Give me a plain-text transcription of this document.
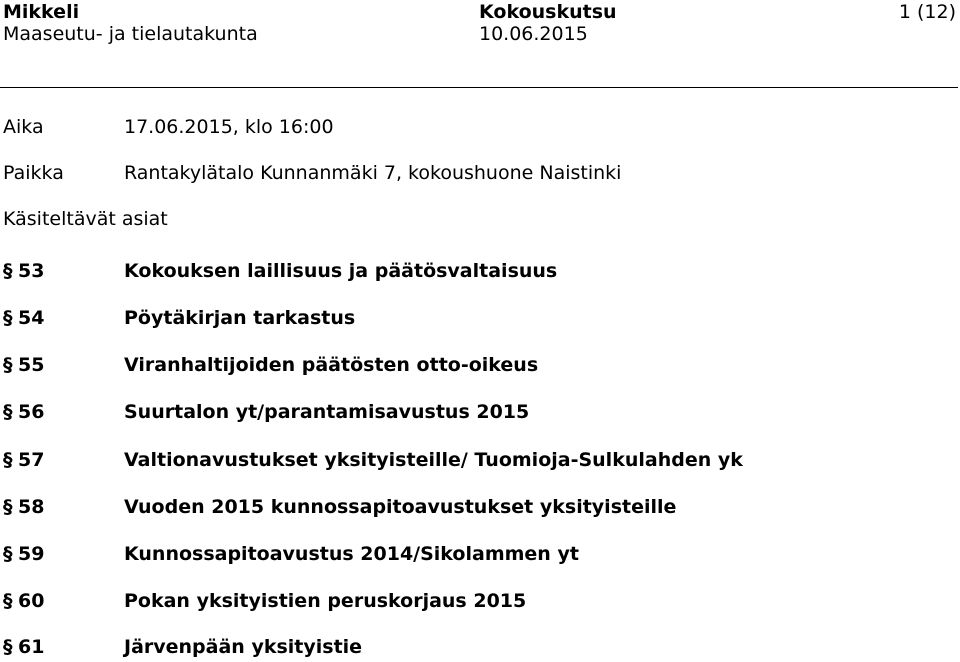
Mikkeli
Maaseutu- ja tielautakunta
Kokouskutsu
10.06.2015
1 (12)
Aika	17.06.2015, klo 16:00
Paikka	Rantakylätalo Kunnanmäki 7, kokoushuone Naistinki
Käsiteltävät asiat
§ 53	Kokouksen laillisuus ja päätösvaltaisuus
§ 54	Pöytäkirjan tarkastus
§ 55	Viranhaltijoiden päätösten otto-oikeus
§ 56	Suurtalon yt/parantamisavustus 2015
§ 57	Valtionavustukset yksityisteille/ Tuomioja-Sulkulahden yk
§ 58	Vuoden 2015 kunnossapitoavustukset yksityisteille
§ 59	Kunnossapitoavustus 2014/Sikolammen yt
§ 60	Pokan yksityistien peruskorjaus 2015
§ 61	Järvenpään yksityistie
